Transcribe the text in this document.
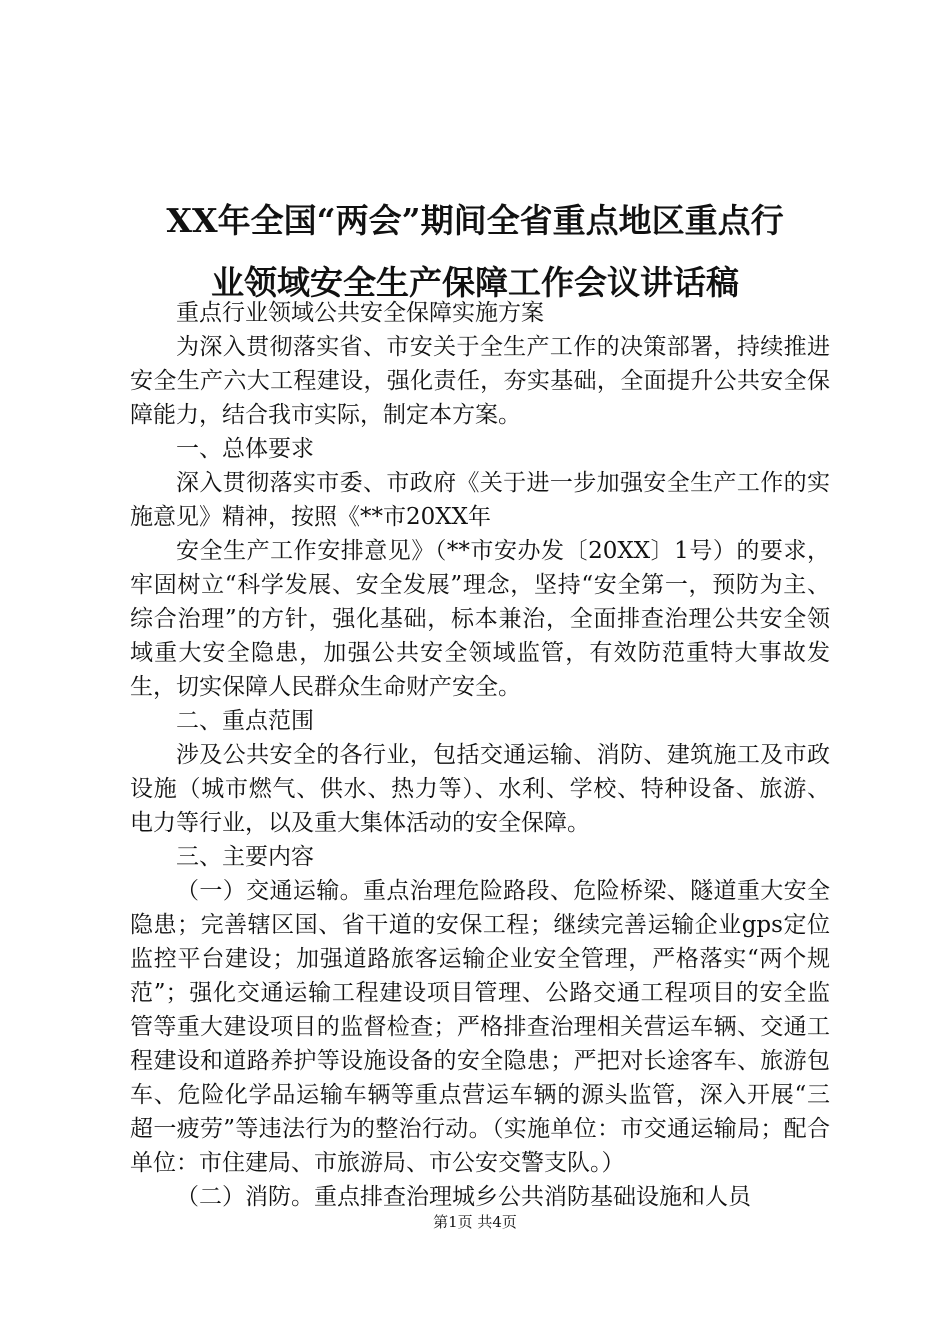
XX年全国“两会”期间全省重点地区重点行
业领域安全生产保障工作会议讲话稿

重点行业领域公共安全保障实施方案

为深入贯彻落实省、市安关于全生产工作的决策部署，持续推进安全生产六大工程建设，强化责任，夯实基础，全面提升公共安全保障能力，结合我市实际，制定本方案。

一、总体要求

深入贯彻落实市委、市政府《关于进一步加强安全生产工作的实施意见》精神，按照《**市20XX年

安全生产工作安排意见》（**市安办发〔20XX〕1号）的要求，牢固树立“科学发展、安全发展”理念，坚持“安全第一，预防为主、综合治理”的方针，强化基础，标本兼治，全面排查治理公共安全领域重大安全隐患，加强公共安全领域监管，有效防范重特大事故发生，切实保障人民群众生命财产安全。

二、重点范围

涉及公共安全的各行业，包括交通运输、消防、建筑施工及市政设施（城市燃气、供水、热力等）、水利、学校、特种设备、旅游、电力等行业，以及重大集体活动的安全保障。

三、主要内容

（一）交通运输。重点治理危险路段、危险桥梁、隧道重大安全隐患；完善辖区国、省干道的安保工程；继续完善运输企业gps定位监控平台建设；加强道路旅客运输企业安全管理，严格落实“两个规范”；强化交通运输工程建设项目管理、公路交通工程项目的安全监管等重大建设项目的监督检查；严格排查治理相关营运车辆、交通工程建设和道路养护等设施设备的安全隐患；严把对长途客车、旅游包车、危险化学品运输车辆等重点营运车辆的源头监管，深入开展“三超一疲劳”等违法行为的整治行动。（实施单位：市交通运输局；配合单位：市住建局、市旅游局、市公安交警支队。）

（二）消防。重点排查治理城乡公共消防基础设施和人员

第1页 共4页
